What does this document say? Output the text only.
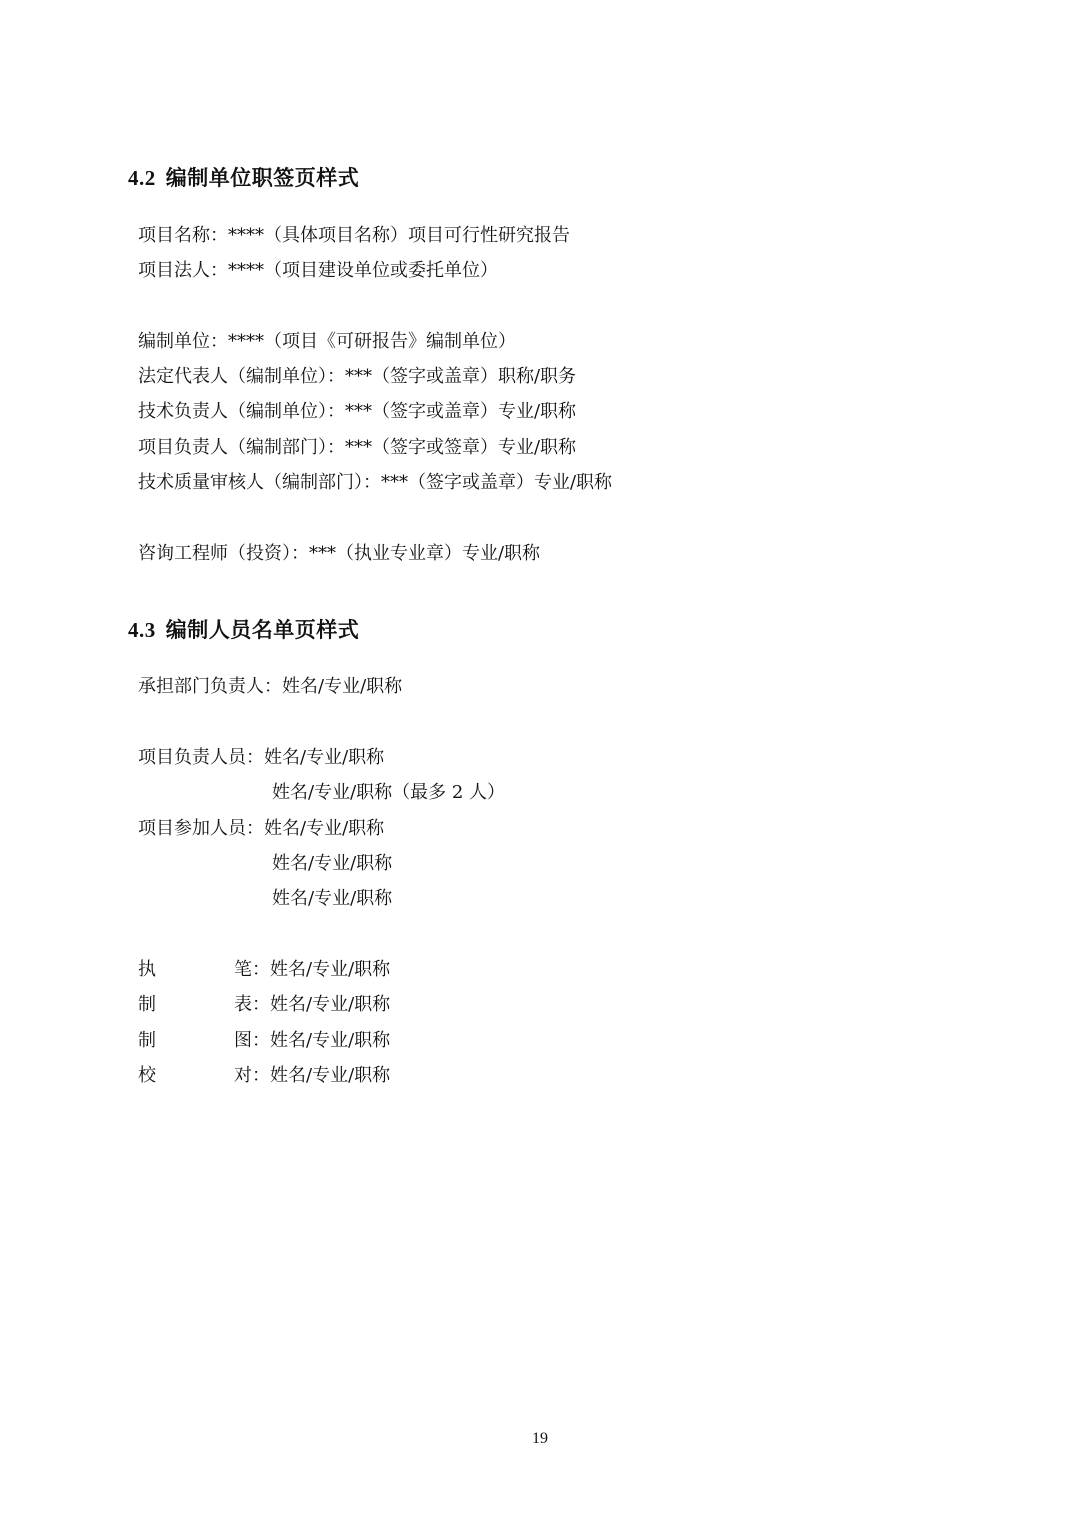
4.2 编制单位职签页样式
项目名称：****（具体项目名称）项目可行性研究报告
项目法人：****（项目建设单位或委托单位）
编制单位：****（项目《可研报告》编制单位）
法定代表人（编制单位）：***（签字或盖章）职称/职务
技术负责人（编制单位）：***（签字或盖章）专业/职称
项目负责人（编制部门）：***（签字或签章）专业/职称
技术质量审核人（编制部门）：***（签字或盖章）专业/职称
咨询工程师（投资）：***（执业专业章）专业/职称
4.3 编制人员名单页样式
承担部门负责人：姓名/专业/职称
项目负责人员：姓名/专业/职称
姓名/专业/职称（最多 2 人）
项目参加人员：姓名/专业/职称
姓名/专业/职称
姓名/专业/职称
执	笔：姓名/专业/职称
制	表：姓名/专业/职称
制	图：姓名/专业/职称
校	对：姓名/专业/职称
19
